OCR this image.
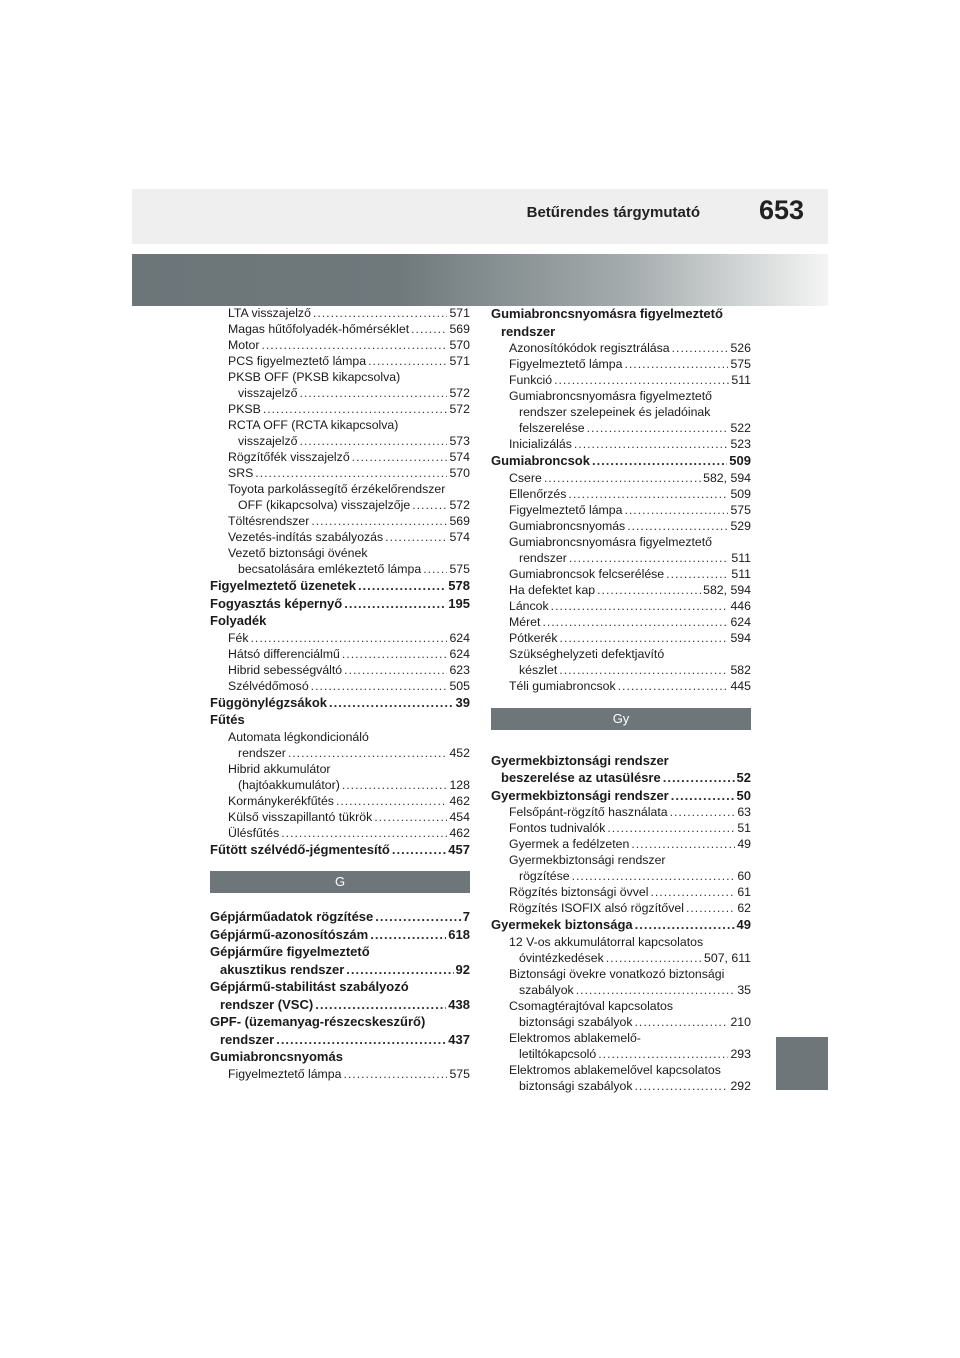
Betűrendes tárgymutató 653
LTA visszajelző .....	571
Magas hűtőfolyadék-hőmérséklet .....	569
Motor .....	570
PCS figyelmeztető lámpa .....	571
PKSB OFF (PKSB kikapcsolva)
visszajelző .....	572
PKSB .....	572
RCTA OFF (RCTA kikapcsolva)
visszajelző .....	573
Rögzítőfék visszajelző .....	574
SRS .....	570
Toyota parkolássegítő érzékelőrendszer
OFF (kikapcsolva) visszajelzője .....	572
Töltésrendszer .....	569
Vezetés-indítás szabályozás .....	574
Vezető biztonsági övének
becsatolására emlékeztető lámpa ..... 575
Figyelmeztető üzenetek .....	578
Fogyasztás képernyő .....	195
Folyadék
Fék .....	624
Hátsó differenciálmű .....	624
Hibrid sebességváltó .....	623
Szélvédőmosó .....	505
Függönylégzsákok .....	39
Fűtés
Automata légkondicionáló
rendszer .....	452
Hibrid akkumulátor
(hajtóakkumulátor) .....	128
Kormánykerékfűtés .....	462
Külső visszapillantó tükrök .....	454
Ülésfűtés .....	462
Fűtött szélvédő-jégmentesítő .....	457
G
Gépjárműadatok rögzítése .....	7
Gépjármű-azonosítószám .....	618
Gépjárműre figyelmeztető
akusztikus rendszer .....	92
Gépjármű-stabilitást szabályozó
rendszer (VSC) .....	438
GPF- (üzemanyag-részecskeszűrő)
rendszer .....	437
Gumiabroncsnyomás
Figyelmeztető lámpa .....	575
Gumiabroncsnyomásra figyelmeztető
rendszer
Azonosítókódok regisztrálása .....	526
Figyelmeztető lámpa .....	575
Funkció .....	511
Gumiabroncsnyomásra figyelmeztető
rendszer szelepeinek és jeladóinak
felszerelése .....	522
Inicializálás .....	523
Gumiabroncsok .....	509
Csere .....	582, 594
Ellenőrzés .....	509
Figyelmeztető lámpa .....	575
Gumiabroncsnyomás .....	529
Gumiabroncsnyomásra figyelmeztető
rendszer .....	511
Gumiabroncsok felcserélése .....	511
Ha defektet kap .....	582, 594
Láncok .....	446
Méret .....	624
Pótkerék .....	594
Szükséghelyzeti defektjavító
készlet .....	582
Téli gumiabroncsok .....	445
Gy
Gyermekbiztonsági rendszer
beszerelése az utasülésre .....	52
Gyermekbiztonsági rendszer .....	50
Felsőpánt-rögzítő használata .....	63
Fontos tudnivalók .....	51
Gyermek a fedélzeten .....	49
Gyermekbiztonsági rendszer
rögzítése .....	60
Rögzítés biztonsági övvel .....	61
Rögzítés ISOFIX alsó rögzítővel .....	62
Gyermekek biztonsága .....	49
12 V-os akkumulátorral kapcsolatos
óvintézkedések .....	507, 611
Biztonsági övekre vonatkozó biztonsági
szabályok .....	35
Csomagtérajtóval kapcsolatos
biztonsági szabályok .....	210
Elektromos ablakemelő-
letiltókapcsoló .....	293
Elektromos ablakemelővel kapcsolatos
biztonsági szabályok .....	292
